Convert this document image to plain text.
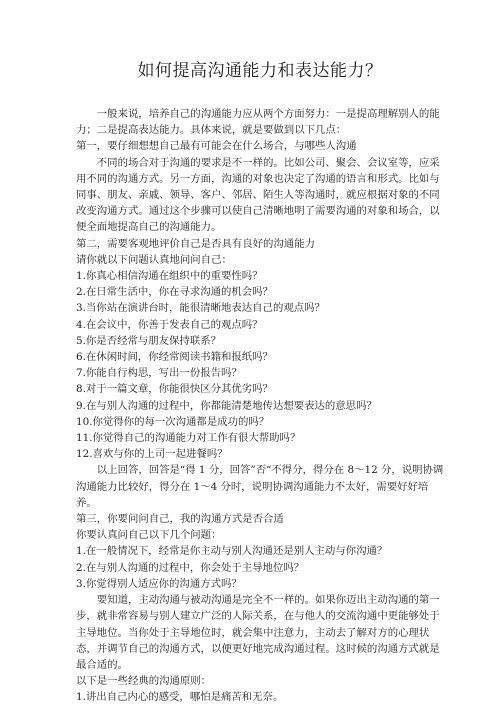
如何提高沟通能力和表达能力？

一般来说，培养自己的沟通能力应从两个方面努力：一是提高理解别人的能力；二是提高表达能力。具体来说，就是要做到以下几点：

第一，要仔细想想自己最有可能会在什么场合，与哪些人沟通

不同的场合对于沟通的要求是不一样的。比如公司、聚会、会议室等，应采用不同的沟通方式。另一方面，沟通的对象也决定了沟通的语言和形式。比如与同事、朋友、亲戚、领导、客户、邻居、陌生人等沟通时，就应根据对象的不同改变沟通方式。通过这个步骤可以使自己清晰地明了需要沟通的对象和场合，以便全面地提高自己的沟通能力。

第二，需要客观地评价自己是否具有良好的沟通能力

请你就以下问题认真地问问自己：

1.你真心相信沟通在组织中的重要性吗？

2.在日常生活中，你在寻求沟通的机会吗？

3.当你站在演讲台时，能很清晰地表达自己的观点吗？

4.在会议中，你善于发表自己的观点吗？

5.你是否经常与朋友保持联系？

6.在休闲时间，你经常阅读书籍和报纸吗？

7.你能自行构思，写出一份报告吗？

8.对于一篇文章，你能很快区分其优劣吗？

9.在与别人沟通的过程中，你都能清楚地传达想要表达的意思吗？

10.你觉得你的每一次沟通都是成功的吗？

11.你觉得自己的沟通能力对工作有很大帮助吗？

12.喜欢与你的上司一起进餐吗？

以上回答，回答是“得 1 分，回答”否“不得分，得分在 8～12 分，说明协调沟通能力比较好，得分在 1～4 分时，说明协调沟通能力不太好，需要好好培养。

第三，你要问问自己，我的沟通方式是否合适

你要认真问自己以下几个问题：

1.在一般情况下，经常是你主动与别人沟通还是别人主动与你沟通？

2.在与别人沟通的过程中，你会处于主导地位吗？

3.你觉得别人适应你的沟通方式吗？

要知道，主动沟通与被动沟通是完全不一样的。如果你迈出主动沟通的第一步，就非常容易与别人建立广泛的人际关系，在与他人的交流沟通中更能够处于主导地位。当你处于主导地位时，就会集中注意力，主动去了解对方的心理状态，并调节自己的沟通方式，以便更好地完成沟通过程。这时候的沟通方式就是最合适的。

以下是一些经典的沟通原则：

1.讲出自己内心的感受，哪怕是痛苦和无奈。
